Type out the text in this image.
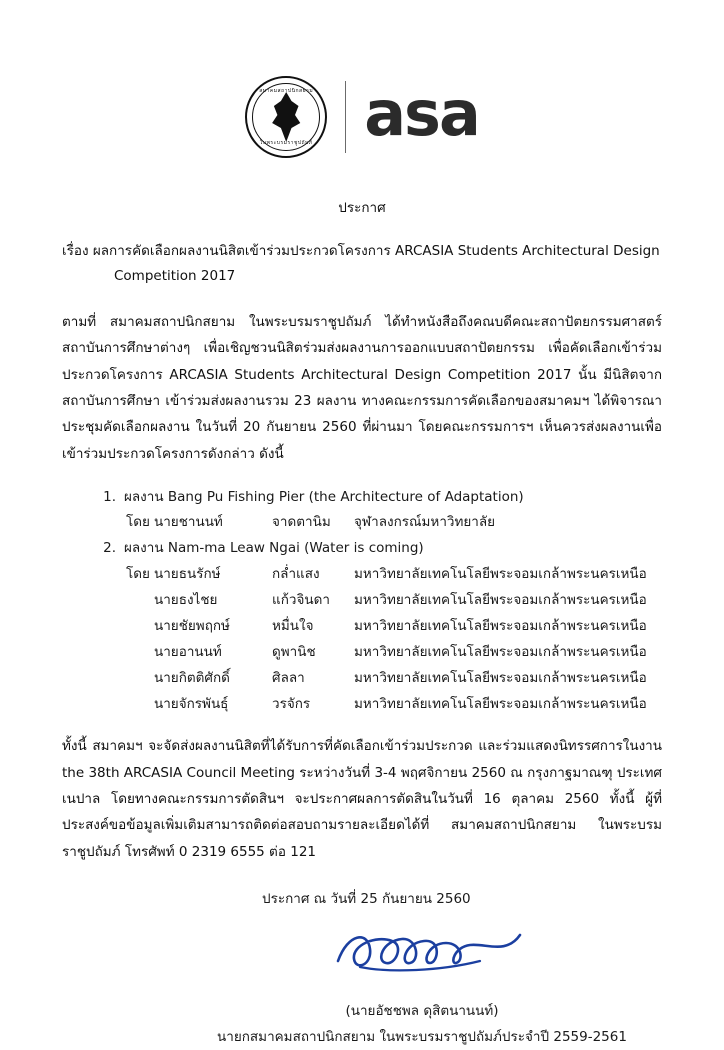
สมาคมสถาปนิกสยาม
ในพระบรมราชูปถัมภ์ asa
ประกาศ
เรื่อง ผลการคัดเลือกผลงานนิสิตเข้าร่วมประกวดโครงการ ARCASIA Students Architectural Design
Competition 2017
ตามที่ สมาคมสถาปนิกสยาม ในพระบรมราชูปถัมภ์ ได้ทำหนังสือถึงคณบดีคณะสถาปัตยกรรมศาสตร์สถาบันการศึกษาต่างๆ เพื่อเชิญชวนนิสิตร่วมส่งผลงานการออกแบบสถาปัตยกรรม เพื่อคัดเลือกเข้าร่วมประกวดโครงการ ARCASIA Students Architectural Design Competition 2017 นั้น มีนิสิตจากสถาบันการศึกษา เข้าร่วมส่งผลงานรวม 23 ผลงาน ทางคณะกรรมการคัดเลือกของสมาคมฯ ได้พิจารณาประชุมคัดเลือกผลงาน ในวันที่ 20 กันยายน 2560 ที่ผ่านมา โดยคณะกรรมการฯ เห็นควรส่งผลงานเพื่อเข้าร่วมประกวดโครงการดังกล่าว ดังนี้
1. ผลงาน Bang Pu Fishing Pier (the Architecture of Adaptation)
โดย นายชานนท์	จาดตานิม	จุฬาลงกรณ์มหาวิทยาลัย
2. ผลงาน Nam-ma Leaw Ngai (Water is coming)
โดย นายธนรักษ์	กล่ำแสง	มหาวิทยาลัยเทคโนโลยีพระจอมเกล้าพระนครเหนือ
นายธงไชย	แก้วจินดา	มหาวิทยาลัยเทคโนโลยีพระจอมเกล้าพระนครเหนือ
นายชัยพฤกษ์	หมื่นใจ	มหาวิทยาลัยเทคโนโลยีพระจอมเกล้าพระนครเหนือ
นายอานนท์	ดูพานิช	มหาวิทยาลัยเทคโนโลยีพระจอมเกล้าพระนครเหนือ
นายกิตติศักดิ์	ศิลลา	มหาวิทยาลัยเทคโนโลยีพระจอมเกล้าพระนครเหนือ
นายจักรพันธุ์	วรจักร	มหาวิทยาลัยเทคโนโลยีพระจอมเกล้าพระนครเหนือ
ทั้งนี้ สมาคมฯ จะจัดส่งผลงานนิสิตที่ได้รับการที่คัดเลือกเข้าร่วมประกวด และร่วมแสดงนิทรรศการในงาน the 38th ARCASIA Council Meeting ระหว่างวันที่ 3-4 พฤศจิกายน 2560 ณ กรุงกาฐมาณฑุ ประเทศเนปาล โดยทางคณะกรรมการตัดสินฯ จะประกาศผลการตัดสินในวันที่ 16 ตุลาคม 2560 ทั้งนี้ ผู้ที่ประสงค์ขอข้อมูลเพิ่มเติมสามารถติดต่อสอบถามรายละเอียดได้ที่ สมาคมสถาปนิกสยาม ในพระบรมราชูปถัมภ์ โทรศัพท์ 0 2319 6555 ต่อ 121
ประกาศ ณ วันที่ 25 กันยายน 2560
(นายอัชชพล ดุสิตนานนท์)
นายกสมาคมสถาปนิกสยาม ในพระบรมราชูปถัมภ์ประจำปี 2559-2561
